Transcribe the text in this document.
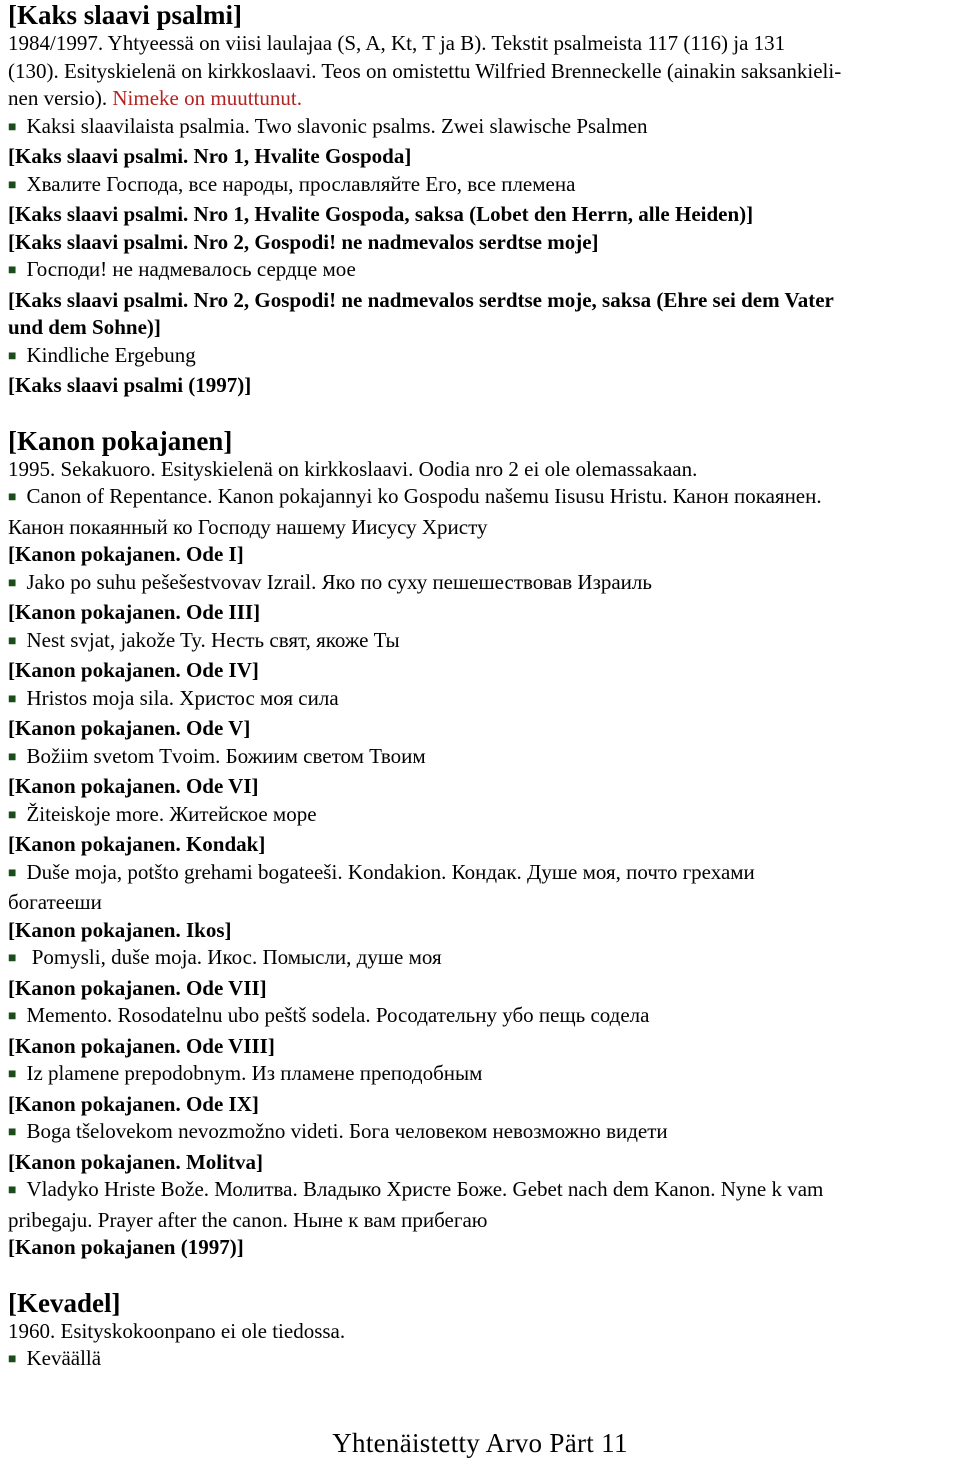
[Kaks slaavi psalmi]
1984/1997. Yhtyeessä on viisi laulajaa (S, A, Kt, T ja B). Tekstit psalmeista 117 (116) ja 131
(130). Esityskielenä on kirkkoslaavi. Teos on omistettu Wilfried Brenneckelle (ainakin saksankieli-
nen versio). Nimeke on muuttunut.
■ Kaksi slaavilaista psalmia. Two slavonic psalms. Zwei slawische Psalmen
[Kaks slaavi psalmi. Nro 1, Hvalite Gospoda]
■ Хвалите Господа, все народы, прославляйте Его, все племена
[Kaks slaavi psalmi. Nro 1, Hvalite Gospoda, saksa (Lobet den Herrn, alle Heiden)]
[Kaks slaavi psalmi. Nro 2, Gospodi! ne nadmevalos serdtse moje]
■ Господи! не надмевалось сердце мое
[Kaks slaavi psalmi. Nro 2, Gospodi! ne nadmevalos serdtse moje, saksa (Ehre sei dem Vater
und dem Sohne)]
■ Kindliche Ergebung
[Kaks slaavi psalmi (1997)]
[Kanon pokajanen]
1995. Sekakuoro. Esityskielenä on kirkkoslaavi. Oodia nro 2 ei ole olemassakaan.
■ Canon of Repentance. Kanon pokajannyi ko Gospodu našemu Iisusu Hristu. Канон покаянен.
Канон покаянный ко Господу нашему Иисусу Христу
[Kanon pokajanen. Ode I]
■ Jako po suhu pešešestvovav Izrail. Яко по суху пешешествовав Израиль
[Kanon pokajanen. Ode III]
■ Nest svjat, jakože Ty. Несть свят, якоже Ты
[Kanon pokajanen. Ode IV]
■ Hristos moja sila. Христос моя сила
[Kanon pokajanen. Ode V]
■ Božiim svetom Tvoim. Божиим светом Твоим
[Kanon pokajanen. Ode VI]
■ Žiteiskoje more. Житейское море
[Kanon pokajanen. Kondak]
■ Duše moja, potšto grehami bogateeši. Kondakion. Кондак. Душе моя, почто грехами
богатееши
[Kanon pokajanen. Ikos]
■ Pomysli, duše moja. Икос. Помысли, душе моя
[Kanon pokajanen. Ode VII]
■ Memento. Rosodatelnu ubo peštš sodela. Росодательну убо пещь содела
[Kanon pokajanen. Ode VIII]
■ Iz plamene prepodobnym. Из пламене преподобным
[Kanon pokajanen. Ode IX]
■ Boga tšelovekom nevozmožno videti. Бога человеком невозможно видети
[Kanon pokajanen. Molitva]
■ Vladyko Hriste Bože. Молитва. Владыко Христе Боже. Gebet nach dem Kanon. Nyne k vam
pribegaju. Prayer after the canon. Ныне к вам прибегаю
[Kanon pokajanen (1997)]
[Kevadel]
1960. Esityskokoonpano ei ole tiedossa.
■ Keväällä
Yhtenäistetty Arvo Pärt 11
